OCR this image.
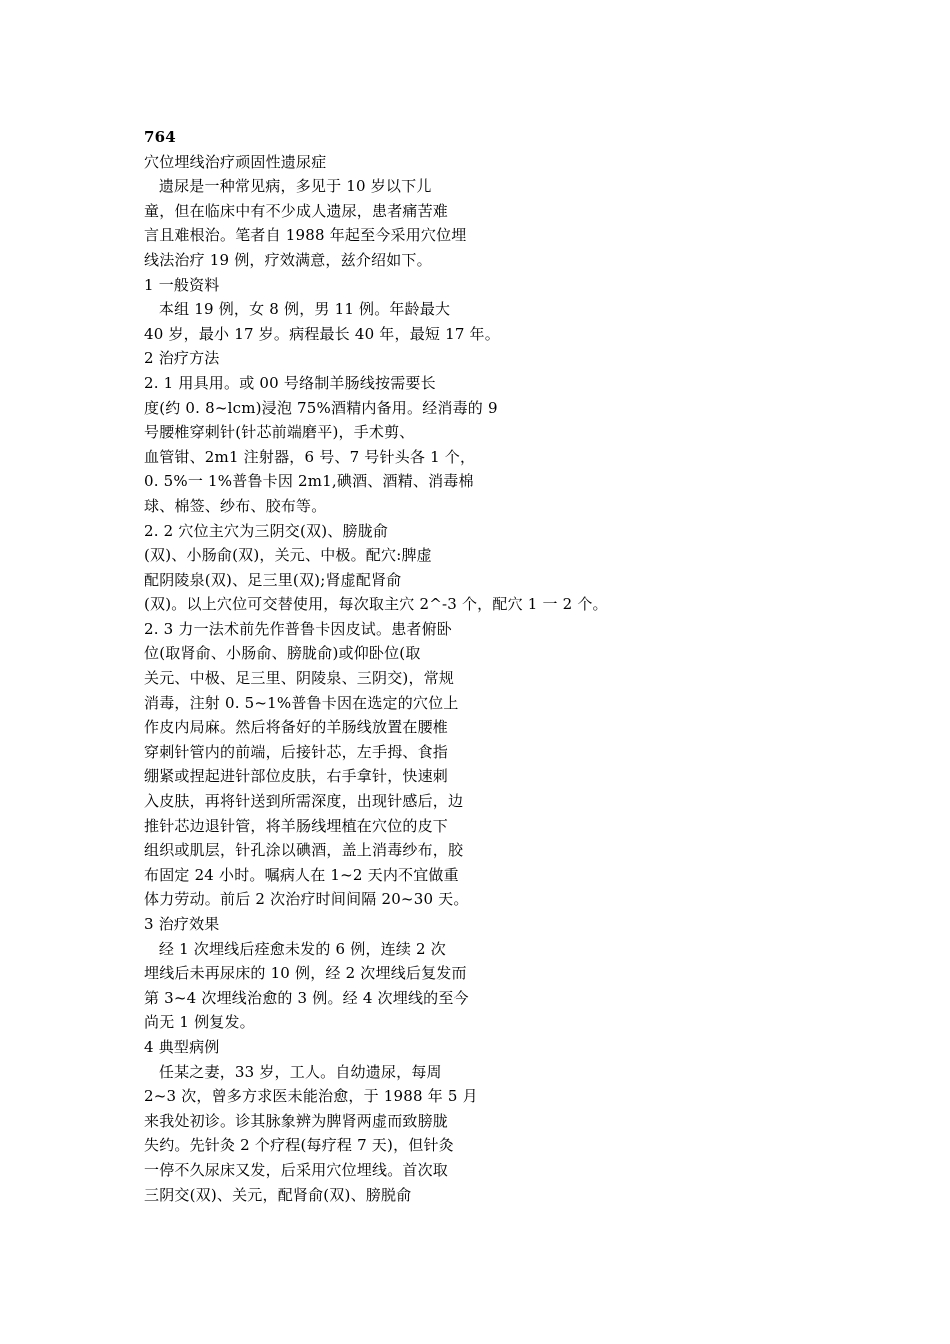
764
穴位埋线治疗顽固性遗尿症
遗尿是一种常见病，多见于 10 岁以下儿
童，但在临床中有不少成人遗尿，患者痛苦难
言且难根治。笔者自 1988 年起至今采用穴位埋
线法治疗 19 例，疗效满意，兹介绍如下。
1 一般资料
本组 19 例，女 8 例，男 11 例。年龄最大
40 岁，最小 17 岁。病程最长 40 年，最短 17 年。
2 治疗方法
2. 1 用具用。或 00 号络制羊肠线按需要长
度(约 0. 8~lcm)浸泡 75%酒精内备用。经消毒的 9
号腰椎穿刺针(针芯前端磨平)，手术剪、
血管钳、2m1 注射器，6 号、7 号针头各 1 个，
0. 5%一 1%普鲁卡因 2m1,碘酒、酒精、消毒棉
球、棉签、纱布、胶布等。
2. 2 穴位主穴为三阴交(双)、膀胧俞
(双)、小肠俞(双)，关元、中极。配穴:脾虚
配阴陵泉(双)、足三里(双);肾虚配肾俞
(双)。以上穴位可交替使用，每次取主穴 2^-3 个，配穴 1 一 2 个。
2. 3 力一法术前先作普鲁卡因皮试。患者俯卧
位(取肾俞、小肠俞、膀胧俞)或仰卧位(取
关元、中极、足三里、阴陵泉、三阴交)，常规
消毒，注射 0. 5~1%普鲁卡因在选定的穴位上
作皮内局麻。然后将备好的羊肠线放置在腰椎
穿刺针管内的前端，后接针芯，左手拇、食指
绷紧或捏起进针部位皮肤，右手拿针，快速刺
入皮肤，再将针送到所需深度，出现针感后，边
推针芯边退针管，将羊肠线埋植在穴位的皮下
组织或肌层，针孔涂以碘酒，盖上消毒纱布，胶
布固定 24 小时。嘱病人在 1~2 天内不宜做重
体力劳动。前后 2 次治疗时间间隔 20~30 天。
3 治疗效果
经 1 次埋线后痊愈未发的 6 例，连续 2 次
埋线后未再尿床的 10 例，经 2 次埋线后复发而
第 3~4 次埋线治愈的 3 例。经 4 次埋线的至今
尚无 1 例复发。
4 典型病例
任某之妻，33 岁，工人。自幼遗尿，每周
2~3 次，曾多方求医未能治愈，于 1988 年 5 月
来我处初诊。诊其脉象辨为脾肾两虚而致膀胧
失约。先针灸 2 个疗程(每疗程 7 天)，但针灸
一停不久尿床又发，后采用穴位埋线。首次取
三阴交(双)、关元，配肾俞(双)、膀脱俞
